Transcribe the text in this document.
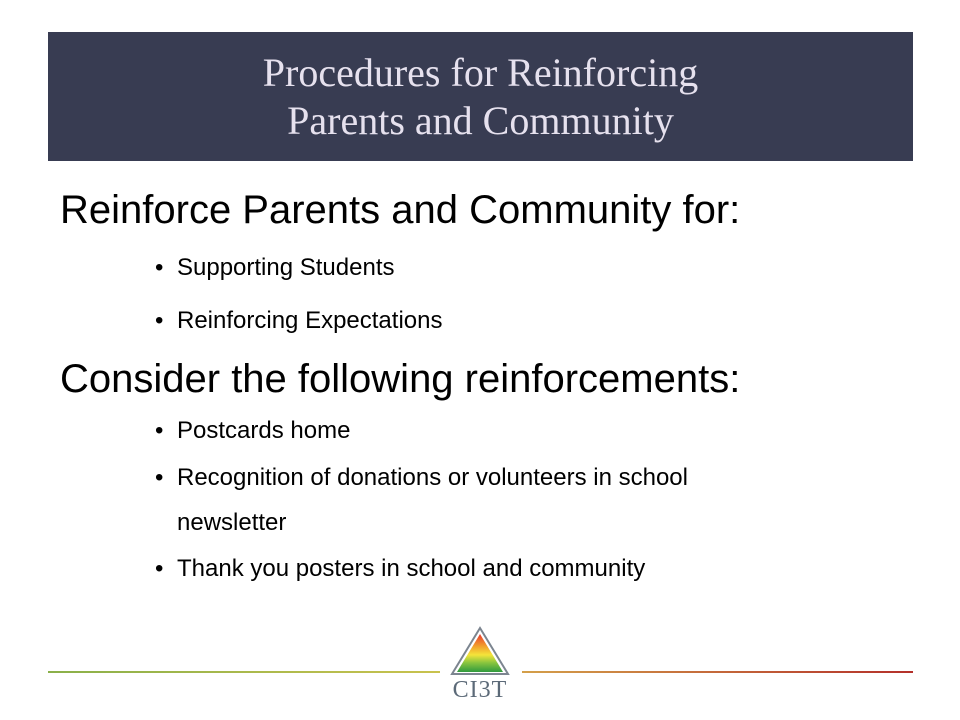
Procedures for Reinforcing
Parents and Community
Reinforce Parents and Community for:
• Supporting Students
• Reinforcing Expectations
Consider the following reinforcements:
• Postcards home
• Recognition of donations or volunteers in school
newsletter
• Thank you posters in school and community
CI3T
